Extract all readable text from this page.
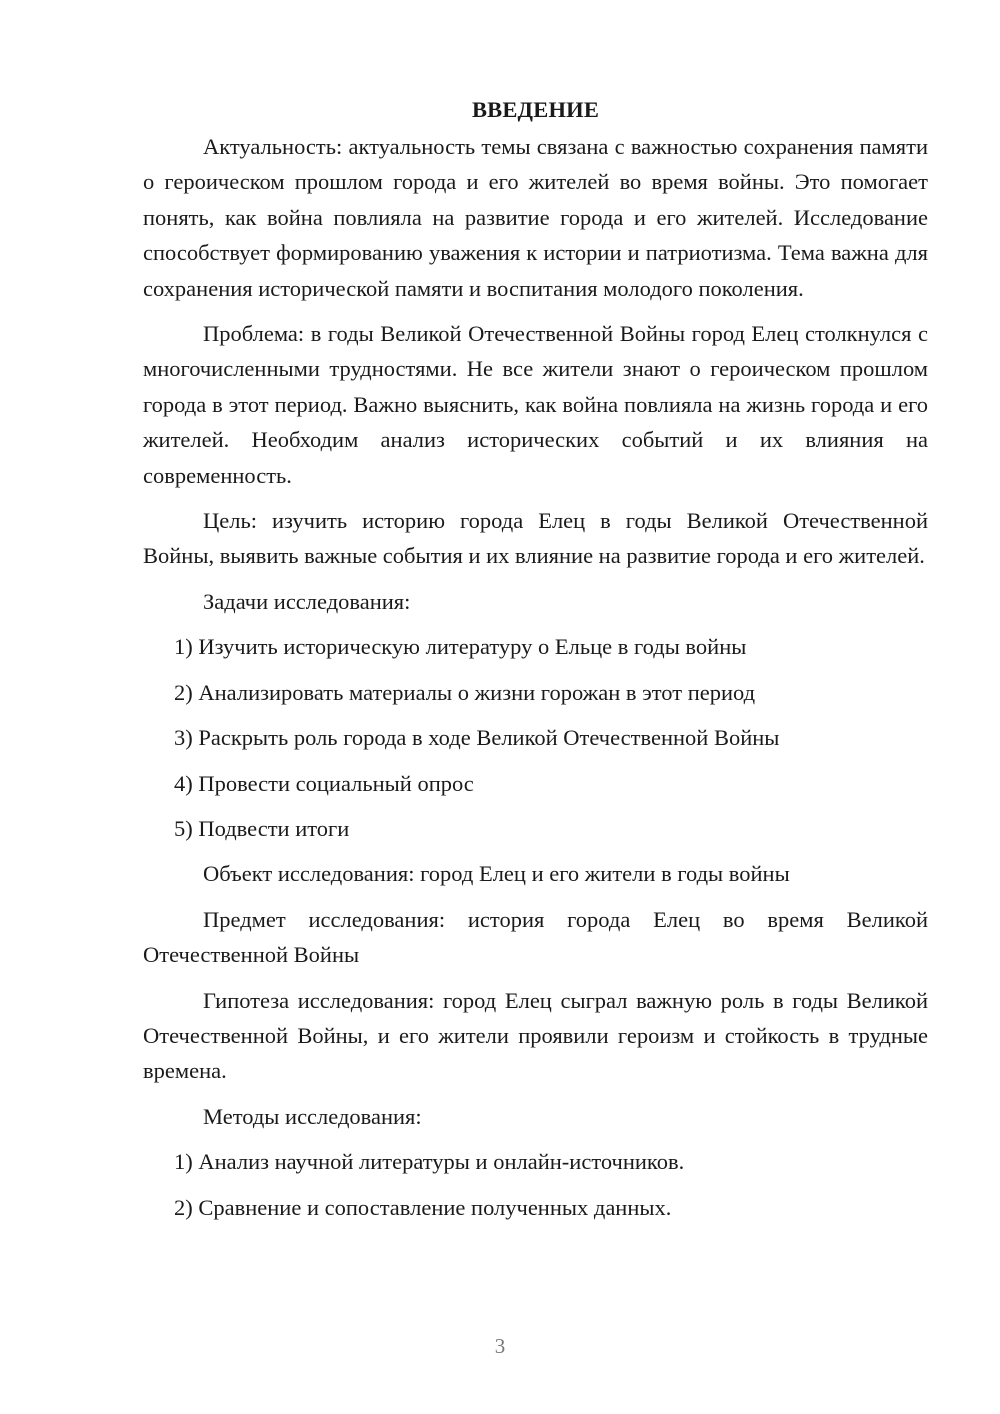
ВВЕДЕНИЕ

Актуальность: актуальность темы связана с важностью сохранения памяти о героическом прошлом города и его жителей во время войны. Это помогает понять, как война повлияла на развитие города и его жителей. Исследование способствует формированию уважения к истории и патриотизма. Тема важна для сохранения исторической памяти и воспитания молодого поколения.

Проблема: в годы Великой Отечественной Войны город Елец столкнулся с многочисленными трудностями. Не все жители знают о героическом прошлом города в этот период. Важно выяснить, как война повлияла на жизнь города и его жителей. Необходим анализ исторических событий и их влияния на современность.

Цель: изучить историю города Елец в годы Великой Отечественной Войны, выявить важные события и их влияние на развитие города и его жителей.

Задачи исследования:

1) Изучить историческую литературу о Ельце в годы войны

2) Анализировать материалы о жизни горожан в этот период

3) Раскрыть роль города в ходе Великой Отечественной Войны

4) Провести социальный опрос

5) Подвести итоги

Объект исследования: город Елец и его жители в годы войны

Предмет исследования: история города Елец во время Великой Отечественной Войны

Гипотеза исследования: город Елец сыграл важную роль в годы Великой Отечественной Войны, и его жители проявили героизм и стойкость в трудные времена.

Методы исследования:

1) Анализ научной литературы и онлайн-источников.

2) Сравнение и сопоставление полученных данных.

3
